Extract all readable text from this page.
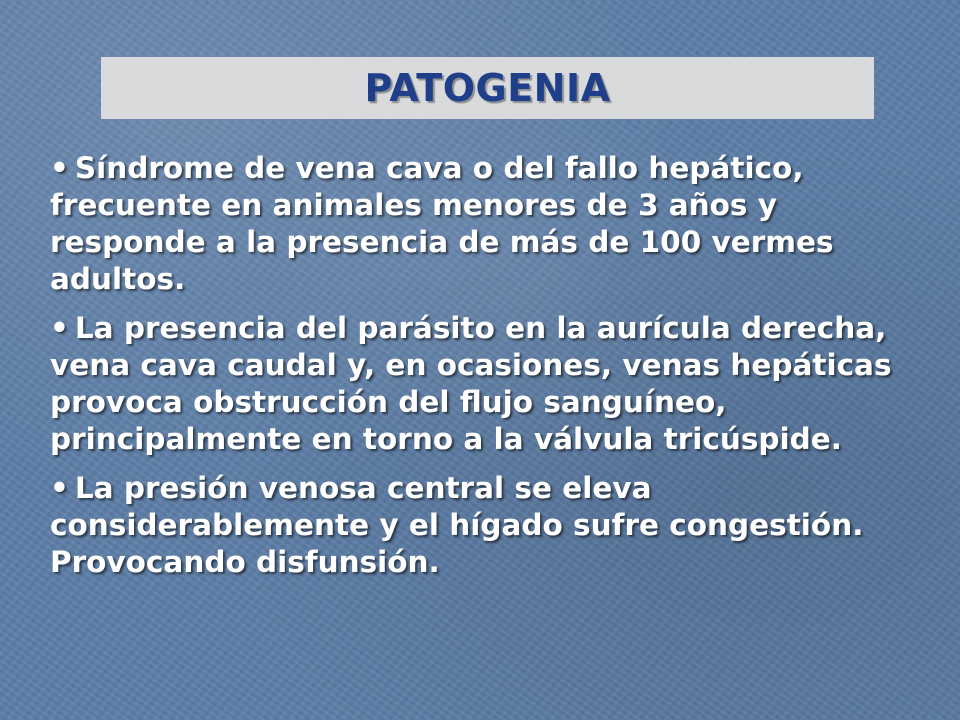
PATOGENIA

• Síndrome de vena cava o del fallo hepático, frecuente en animales menores de 3 años y responde a la presencia de más de 100 vermes adultos.

• La presencia del parásito en la aurícula derecha, vena cava caudal y, en ocasiones, venas hepáticas provoca obstrucción del flujo sanguíneo, principalmente en torno a la válvula tricúspide.

• La presión venosa central se eleva considerablemente y el hígado sufre congestión. Provocando disfunsión.
